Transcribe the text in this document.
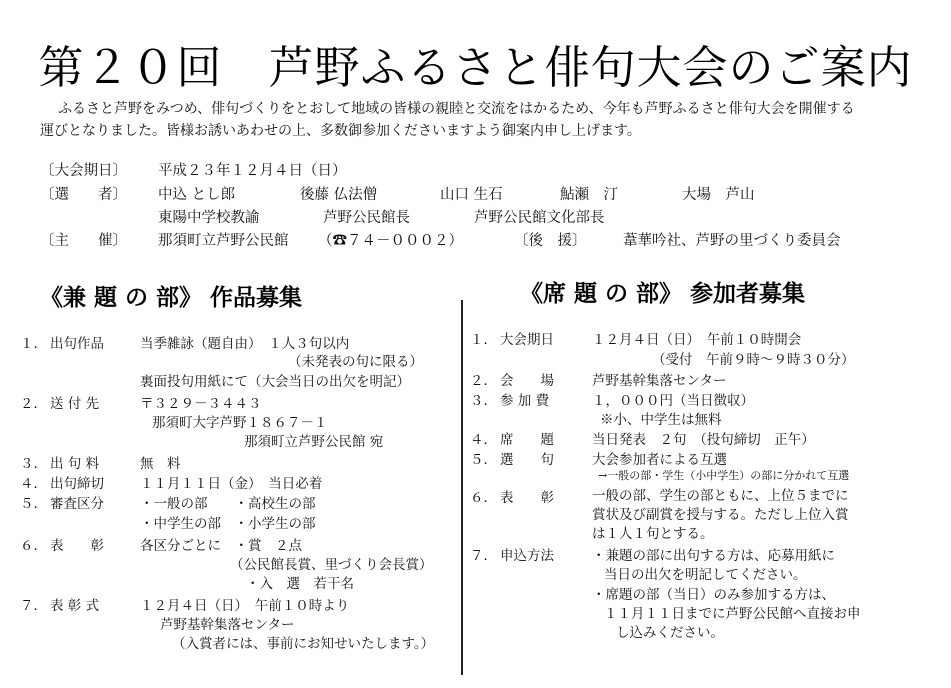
第２０回　芦野ふるさと俳句大会のご案内
ふるさと芦野をみつめ、俳句づくりをとおして地域の皆様の親睦と交流をはかるため、今年も芦野ふるさと俳句大会を開催する
運びとなりました。皆様お誘いあわせの上、多数御参加くださいますよう御案内申し上げます。
〔大会期日〕 平成２３年１２月４日（日）
〔選　　者〕 中込 とし郎	後藤 仏法僧	山口 生石	鮎瀬　汀	大場　芦山
東陽中学校教諭	芦野公民館長	芦野公民館文化部長
〔主　　催〕 那須町立芦野公民館 （☎７４－０００２）	〔後　援〕	葦華吟社、芦野の里づくり委員会
《兼 題 の 部》 作品募集	《席 題 の 部》 参加者募集
１． 出句作品	当季雑詠（題自由）　１人３句以内
（未発表の句に限る）
裏面投句用紙にて（大会当日の出欠を明記）
２． 送 付 先	〒３２９－３４４３
那須町大字芦野１８６７－１
那須町立芦野公民館 宛
３． 出 句 料	無　料
４． 出句締切	１１月１１日（金）　当日必着
５． 審査区分	・一般の部　　・高校生の部
・中学生の部　・小学生の部
６． 表　　彰	各区分ごとに　・賞　２点
（公民館長賞、里づくり会長賞）
・入　選　若干名
７． 表 彰 式	１２月４日（日）　午前１０時より
芦野基幹集落センター
（入賞者には、事前にお知せいたします。）
１． 大会期日	１２月４日（日）　午前１０時開会
（受付　午前９時～９時３０分）
２． 会　　場	芦野基幹集落センター
３． 参 加 費	１，０００円（当日徴収）
※小、中学生は無料
４． 席　　題	当日発表　２句　（投句締切　正午）
５． 選　　句	大会参加者による互選
→一般の部・学生（小中学生）の部に分かれて互選
６． 表　　彰	一般の部、学生の部ともに、上位５までに
賞状及び副賞を授与する。ただし上位入賞
は１人１句とする。
７． 申込方法	・兼題の部に出句する方は、応募用紙に
当日の出欠を明記してください。
・席題の部（当日）のみ参加する方は、
１１月１１日までに芦野公民館へ直接お申
し込みください。
